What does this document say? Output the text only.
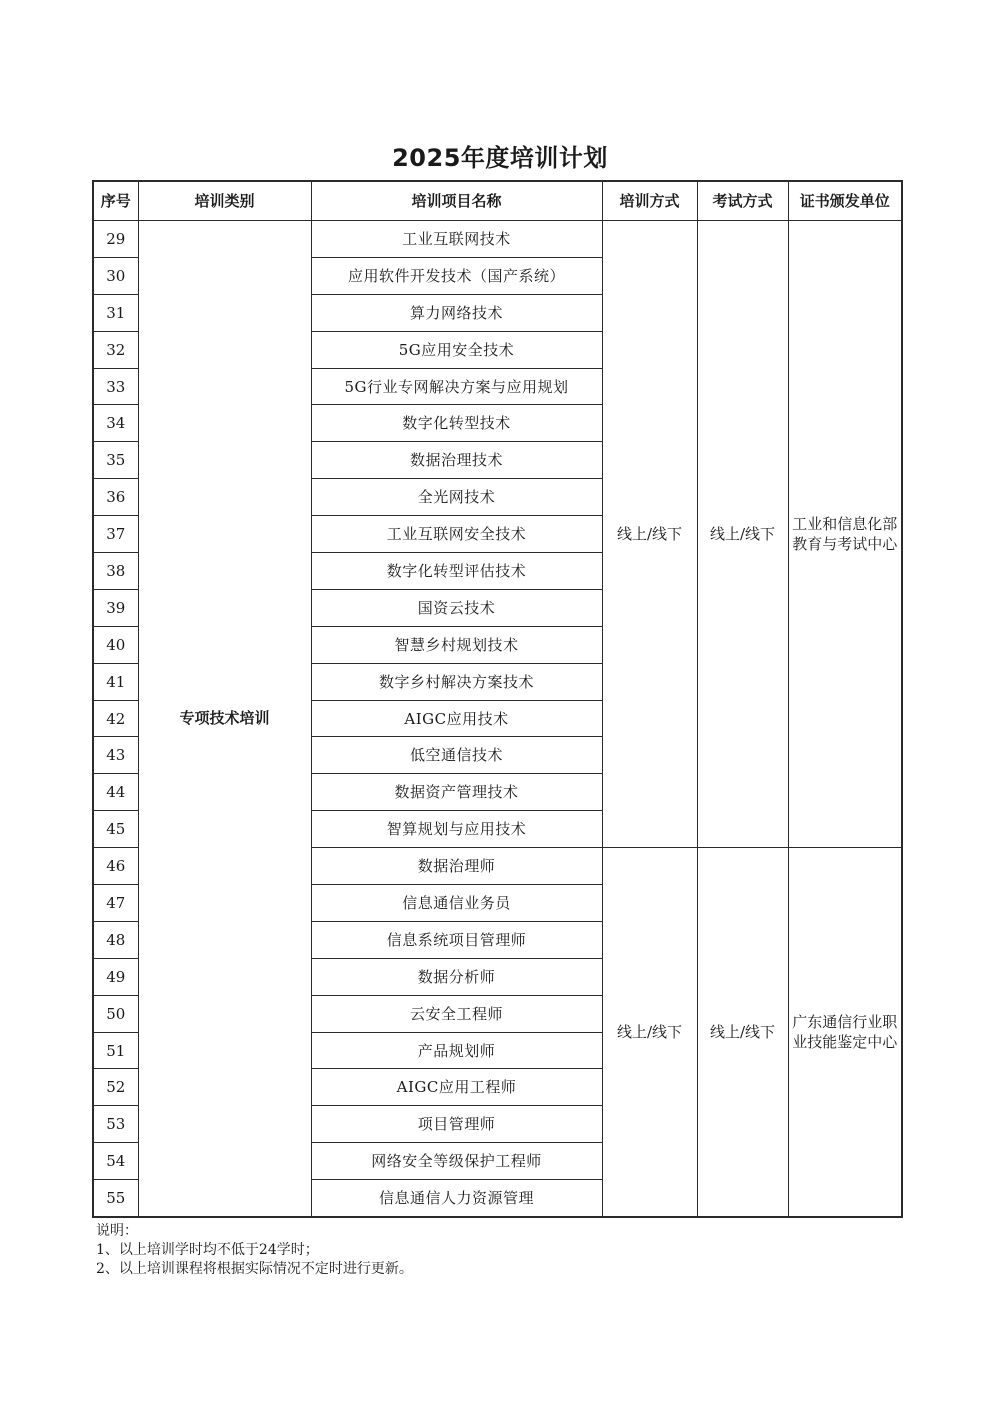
2025年度培训计划
序号	培训类别	培训项目名称	培训方式	考试方式	证书颁发单位
29	专项技术培训	工业互联网技术	线上/线下	线上/线下	工业和信息化部教育与考试中心
30		应用软件开发技术（国产系统）			
31		算力网络技术			
32		5G应用安全技术			
33		5G行业专网解决方案与应用规划			
34		数字化转型技术			
35		数据治理技术			
36		全光网技术			
37		工业互联网安全技术			
38		数字化转型评估技术			
39		国资云技术			
40		智慧乡村规划技术			
41		数字乡村解决方案技术			
42		AIGC应用技术			
43		低空通信技术			
44		数据资产管理技术			
45		智算规划与应用技术			
46		数据治理师	线上/线下	线上/线下	广东通信行业职业技能鉴定中心
47		信息通信业务员			
48		信息系统项目管理师			
49		数据分析师			
50		云安全工程师			
51		产品规划师			
52		AIGC应用工程师			
53		项目管理师			
54		网络安全等级保护工程师			
55		信息通信人力资源管理			
说明：
1、以上培训学时均不低于24学时；
2、以上培训课程将根据实际情况不定时进行更新。
